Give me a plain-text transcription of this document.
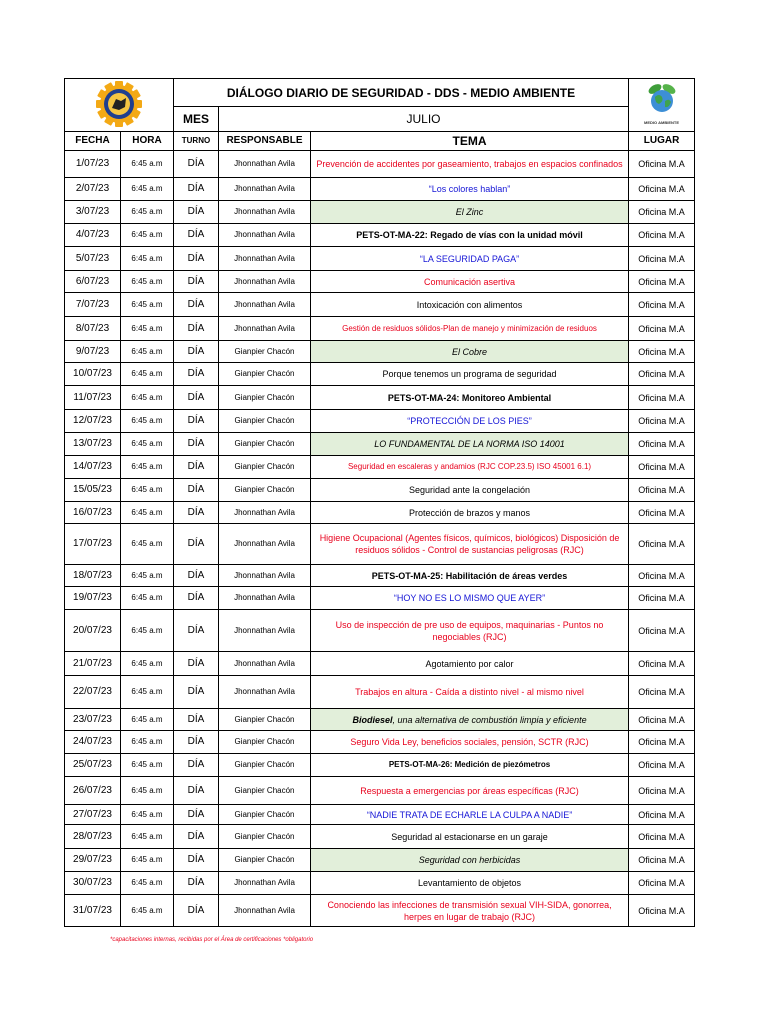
	DIÁLOGO DIARIO DE SEGURIDAD - DDS - MEDIO AMBIENTE			MEDIO AMBIENTE

		MES	JULIO		
FECHA	HORA	TURNO	RESPONSABLE	TEMA	LUGAR
1/07/23	6:45 a.m	DÍA	Jhonnathan Avila	Prevención de accidentes por gaseamiento, trabajos en espacios confinados	Oficina M.A
2/07/23	6:45 a.m	DÍA	Jhonnathan Avila	“Los colores hablan”	Oficina M.A
3/07/23	6:45 a.m	DÍA	Jhonnathan Avila	El Zinc	Oficina M.A
4/07/23	6:45 a.m	DÍA	Jhonnathan Avila	PETS-OT-MA-22: Regado de vías con la unidad móvil	Oficina M.A
5/07/23	6:45 a.m	DÍA	Jhonnathan Avila	“LA SEGURIDAD PAGA”	Oficina M.A
6/07/23	6:45 a.m	DÍA	Jhonnathan Avila	Comunicación asertiva	Oficina M.A
7/07/23	6:45 a.m	DÍA	Jhonnathan Avila	Intoxicación con alimentos	Oficina M.A
8/07/23	6:45 a.m	DÍA	Jhonnathan Avila	Gestión de residuos sólidos-Plan de manejo y minimización de residuos	Oficina M.A
9/07/23	6:45 a.m	DÍA	Gianpier Chacón	El Cobre	Oficina M.A
10/07/23	6:45 a.m	DÍA	Gianpier Chacón	Porque tenemos un programa de seguridad	Oficina M.A
11/07/23	6:45 a.m	DÍA	Gianpier Chacón	PETS-OT-MA-24: Monitoreo Ambiental	Oficina M.A
12/07/23	6:45 a.m	DÍA	Gianpier Chacón	“PROTECCIÓN DE LOS PIES”	Oficina M.A
13/07/23	6:45 a.m	DÍA	Gianpier Chacón	LO FUNDAMENTAL DE LA NORMA ISO 14001	Oficina M.A
14/07/23	6:45 a.m	DÍA	Gianpier Chacón	Seguridad en escaleras y andamios (RJC COP.23.5) ISO 45001 6.1)	Oficina M.A
15/05/23	6:45 a.m	DÍA	Gianpier Chacón	Seguridad ante la congelación	Oficina M.A
16/07/23	6:45 a.m	DÍA	Jhonnathan Avila	Protección de brazos y manos	Oficina M.A
17/07/23	6:45 a.m	DÍA	Jhonnathan Avila	Higiene Ocupacional (Agentes físicos, químicos, biológicos) Disposición de residuos sólidos - Control de sustancias peligrosas (RJC)	Oficina M.A
18/07/23	6:45 a.m	DÍA	Jhonnathan Avila	PETS-OT-MA-25: Habilitación de áreas verdes	Oficina M.A
19/07/23	6:45 a.m	DÍA	Jhonnathan Avila	“HOY NO ES LO MISMO QUE AYER”	Oficina M.A
20/07/23	6:45 a.m	DÍA	Jhonnathan Avila	Uso de inspección de pre uso de equipos, maquinarias - Puntos no negociables (RJC)	Oficina M.A
21/07/23	6:45 a.m	DÍA	Jhonnathan Avila	Agotamiento por calor	Oficina M.A
22/07/23	6:45 a.m	DÍA	Jhonnathan Avila	Trabajos en altura - Caída a distinto nivel - al mismo nivel	Oficina M.A
23/07/23	6:45 a.m	DÍA	Gianpier Chacón	Biodiesel, una alternativa de combustión limpia y eficiente	Oficina M.A
24/07/23	6:45 a.m	DÍA	Gianpier Chacón	Seguro Vida Ley, beneficios sociales, pensión, SCTR (RJC)	Oficina M.A
25/07/23	6:45 a.m	DÍA	Gianpier Chacón	PETS-OT-MA-26: Medición de piezómetros	Oficina M.A
26/07/23	6:45 a.m	DÍA	Gianpier Chacón	Respuesta a emergencias por áreas específicas (RJC)	Oficina M.A
27/07/23	6:45 a.m	DÍA	Gianpier Chacón	“NADIE TRATA DE ECHARLE LA CULPA A NADIE”	Oficina M.A
28/07/23	6:45 a.m	DÍA	Gianpier Chacón	Seguridad al estacionarse en un garaje	Oficina M.A
29/07/23	6:45 a.m	DÍA	Gianpier Chacón	Seguridad con herbicidas	Oficina M.A
30/07/23	6:45 a.m	DÍA	Jhonnathan Avila	Levantamiento de objetos	Oficina M.A
31/07/23	6:45 a.m	DÍA	Jhonnathan Avila	Conociendo las infecciones de transmisión sexual VIH-SIDA, gonorrea, herpes en lugar de trabajo (RJC)	Oficina M.A
*capacitaciones internas, recibidas por el Área de certificaciones *obligatorio
